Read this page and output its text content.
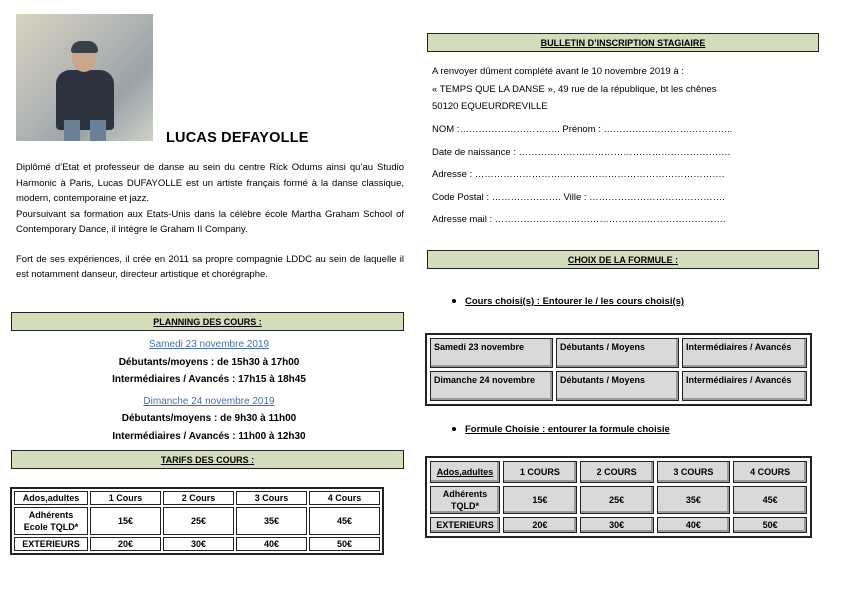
LUCAS DEFAYOLLE

Diplômé d’Etat et professeur de danse au sein du centre Rick Odums ainsi qu’au Studio Harmonic à Paris, Lucas DUFAYOLLE est un artiste français formé à la danse classique, modern, contemporaine et jazz.

Poursuivant sa formation aux Etats-Unis dans la célèbre école Martha Graham School of Contemporary Dance, il intègre le Graham II Company.

Fort de ses expériences, il crée en 2011 sa propre compagnie LDDC au sein de laquelle il est notamment danseur, directeur artistique et chorégraphe.

PLANNING DES COURS :
Samedi 23 novembre 2019
Débutants/moyens : de 15h30 à 17h00
Intermédiaires / Avancés : 17h15 à 18h45
Dimanche 24 novembre 2019
Débutants/moyens : de 9h30 à 11h00
Intermédiaires / Avancés : 11h00 à 12h30
TARIFS DES COURS :
Ados,adultes	1 Cours	2 Cours	3 Cours	4 Cours
Adhérents Ecole TQLD*	15€	25€	35€	45€
EXTERIEURS	20€	30€	40€	50€
BULLETIN D’INSCRIPTION STAGIAIRE
A renvoyer dûment complété avant le 10 novembre 2019 à :
« TEMPS QUE LA DANSE », 49 rue de la république, bt les chênes
50120 EQUEURDREVILLE
NOM :………………………….. Prénom : …………………………………..
Date de naissance : ………………………………………………………….
Adresse : …………………………………………………………………….
Code Postal : …………………. Ville : …………………………………….
Adresse mail : ……………………………………………………………….
CHOIX DE LA FORMULE :
Cours choisi(s) : Entourer le / les cours choisi(s)
Samedi 23 novembre	Débutants / Moyens	Intermédiaires / Avancés
Dimanche 24 novembre	Débutants / Moyens	Intermédiaires / Avancés
Formule Choisie : entourer la formule choisie
Ados,adultes	1 COURS	2 COURS	3 COURS	4 COURS
Adhérents TQLD*	15€	25€	35€	45€
EXTERIEURS	20€	30€	40€	50€
